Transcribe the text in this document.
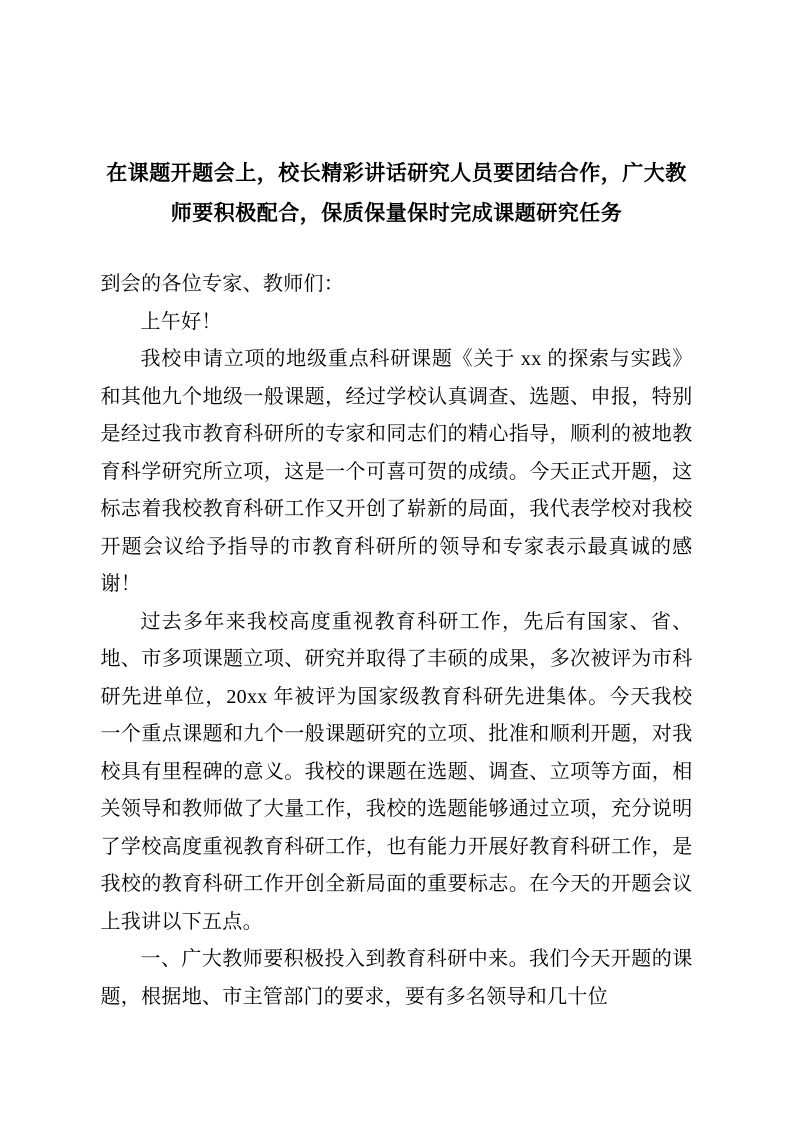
在课题开题会上，校长精彩讲话研究人员要团结合作，广大教师要积极配合，保质保量保时完成课题研究任务

到会的各位专家、教师们：

上午好！

我校申请立项的地级重点科研课题《关于 xx 的探索与实践》和其他九个地级一般课题，经过学校认真调查、选题、申报，特别是经过我市教育科研所的专家和同志们的精心指导，顺利的被地教育科学研究所立项，这是一个可喜可贺的成绩。今天正式开题，这标志着我校教育科研工作又开创了崭新的局面，我代表学校对我校开题会议给予指导的市教育科研所的领导和专家表示最真诚的感谢！

过去多年来我校高度重视教育科研工作，先后有国家、省、地、市多项课题立项、研究并取得了丰硕的成果，多次被评为市科研先进单位，20xx 年被评为国家级教育科研先进集体。今天我校一个重点课题和九个一般课题研究的立项、批准和顺利开题，对我校具有里程碑的意义。我校的课题在选题、调查、立项等方面，相关领导和教师做了大量工作，我校的选题能够通过立项，充分说明了学校高度重视教育科研工作，也有能力开展好教育科研工作，是我校的教育科研工作开创全新局面的重要标志。在今天的开题会议上我讲以下五点。

一、广大教师要积极投入到教育科研中来。我们今天开题的课题，根据地、市主管部门的要求，要有多名领导和几十位
